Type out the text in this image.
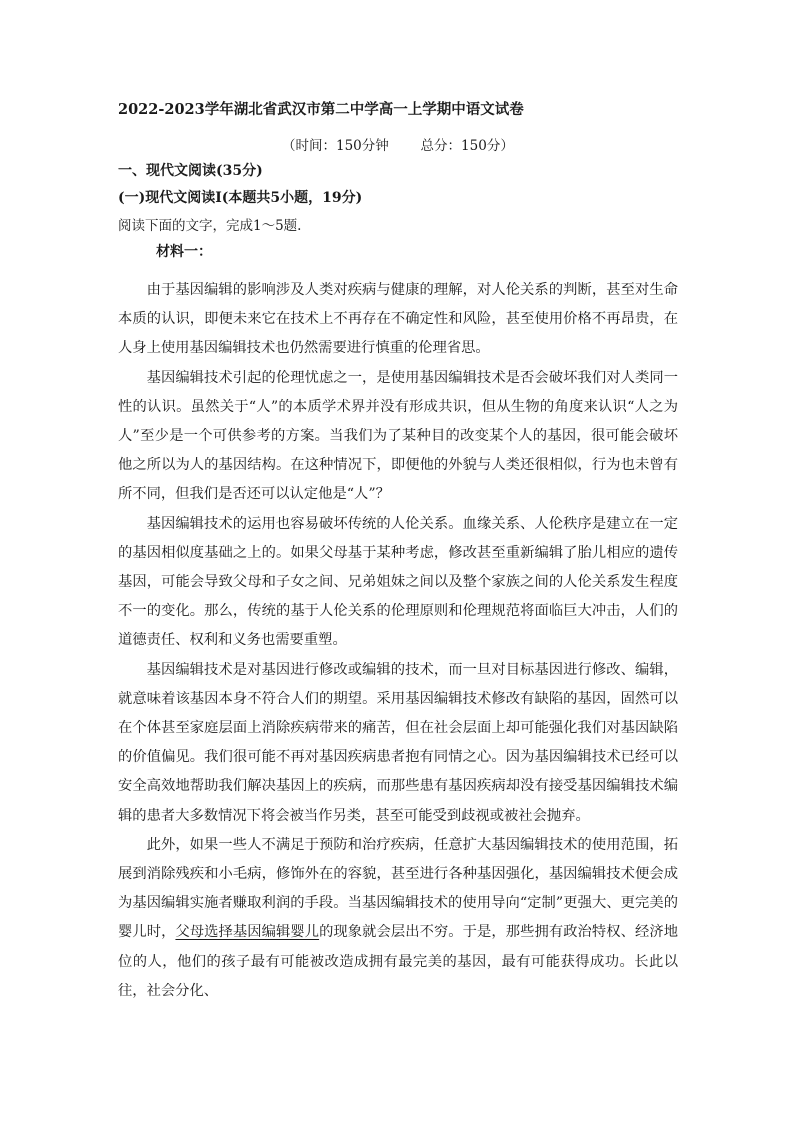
2022-2023学年湖北省武汉市第二中学高一上学期中语文试卷
（时间：150分钟　 总分：150分）
一、现代文阅读(35分)
(一)现代文阅读Ⅰ(本题共5小题，19分)
阅读下面的文字，完成1～5题.
材料一：

由于基因编辑的影响涉及人类对疾病与健康的理解，对人伦关系的判断，甚至对生命本质的认识，即便未来它在技术上不再存在不确定性和风险，甚至使用价格不再昂贵，在人身上使用基因编辑技术也仍然需要进行慎重的伦理省思。

基因编辑技术引起的伦理忧虑之一，是使用基因编辑技术是否会破坏我们对人类同一性的认识。虽然关于“人”的本质学术界并没有形成共识，但从生物的角度来认识“人之为人”至少是一个可供参考的方案。当我们为了某种目的改变某个人的基因，很可能会破坏他之所以为人的基因结构。在这种情况下，即便他的外貌与人类还很相似，行为也未曾有所不同，但我们是否还可以认定他是“人”？

基因编辑技术的运用也容易破坏传统的人伦关系。血缘关系、人伦秩序是建立在一定的基因相似度基础之上的。如果父母基于某种考虑，修改甚至重新编辑了胎儿相应的遗传基因，可能会导致父母和子女之间、兄弟姐妹之间以及整个家族之间的人伦关系发生程度不一的变化。那么，传统的基于人伦关系的伦理原则和伦理规范将面临巨大冲击，人们的道德责任、权利和义务也需要重塑。

基因编辑技术是对基因进行修改或编辑的技术，而一旦对目标基因进行修改、编辑，就意味着该基因本身不符合人们的期望。采用基因编辑技术修改有缺陷的基因，固然可以在个体甚至家庭层面上消除疾病带来的痛苦，但在社会层面上却可能强化我们对基因缺陷的价值偏见。我们很可能不再对基因疾病患者抱有同情之心。因为基因编辑技术已经可以安全高效地帮助我们解决基因上的疾病，而那些患有基因疾病却没有接受基因编辑技术编辑的患者大多数情况下将会被当作另类，甚至可能受到歧视或被社会抛弃。

此外，如果一些人不满足于预防和治疗疾病，任意扩大基因编辑技术的使用范围，拓展到消除残疾和小毛病，修饰外在的容貌，甚至进行各种基因强化，基因编辑技术便会成为基因编辑实施者赚取利润的手段。当基因编辑技术的使用导向“定制”更强大、更完美的婴儿时，父母选择基因编辑婴儿的现象就会层出不穷。于是，那些拥有政治特权、经济地位的人，他们的孩子最有可能被改造成拥有最完美的基因，最有可能获得成功。长此以往，社会分化、
